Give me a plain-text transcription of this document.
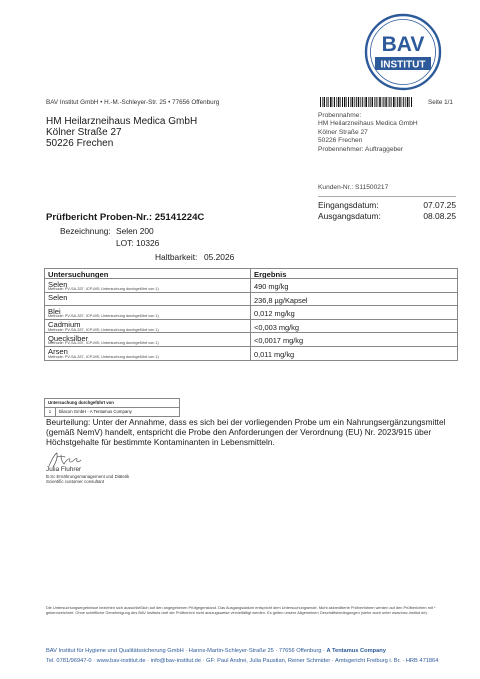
BAV
INSTITUT
BAV Institut GmbH • H.-M.-Schleyer-Str. 25 • 77656 Offenburg	Seite 1/1
HM Heilarzneihaus Medica GmbH
Kölner Straße 27
50226 Frechen
Probennahme:
HM Heilarzneihaus Medica GmbH
Kölner Straße 27
50226 Frechen
Probennehmer: Auftraggeber
Kunden-Nr.: S11500217
Eingangsdatum:	07.07.25
Ausgangsdatum:	08.08.25
Prüfbericht Proben-Nr.: 25141224C
Bezeichnung: Selen 200
LOT: 10326
Haltbarkeit: 05.2026
Untersuchungen	Ergebnis
Selen
Methode: PV-SA-337, ICP-MS; Untersuchung durchgeführt von 1)	490 mg/kg
Selen	236,8 µg/Kapsel
Blei
Methode: PV-SA-337, ICP-MS; Untersuchung durchgeführt von 1)	0,012 mg/kg
Cadmium
Methode: PV-SA-337, ICP-MS; Untersuchung durchgeführt von 1)	<0,003 mg/kg
Quecksilber
Methode: PV-SA-337, ICP-MS; Untersuchung durchgeführt von 1)	<0,0017 mg/kg
Arsen
Methode: PV-SA-337, ICP-MS; Untersuchung durchgeführt von 1)	0,011 mg/kg
Untersuchung durchgeführt von
1	bilacon GmbH - A Tentamus Company
Beurteilung: Unter der Annahme, dass es sich bei der vorliegenden Probe um ein Nahrungsergänzungsmittel (gemäß NemV) handelt, entspricht die Probe den Anforderungen der Verordnung (EU) Nr. 2023/915 über Höchstgehalte für bestimmte Kontaminanten in Lebensmitteln.
Julia Fluhrer
B.Sc Ernährungsmanagement und Diätetik
Scientific customer consultant
Die Untersuchungsergebnisse beziehen sich ausschließlich auf den angegebenen Prüfgegenstand. Das Ausgangsdatum entspricht dem Untersuchungsende. Nicht akkreditierte Prüfverfahren werden auf den Prüfberichten mit * gekennzeichnet. Ohne schriftliche Genehmigung des BAV Instituts darf der Prüfbericht nicht auszugsweise vervielfältigt werden. Es gelten unsere Allgemeinen Geschäftsbedingungen (siehe auch unter www.bav-institut.de).
BAV Institut für Hygiene und Qualitätssicherung GmbH · Hanns-Martin-Schleyer-Straße 25 · 77656 Offenburg · A Tentamus Company
Tel. 0781/96947-0 · www.bav-institut.de · info@bav-institut.de · GF: Paul Andrei, Julia Paustian, Reiner Schmider · Amtsgericht Freiburg i. Br. · HRB 471864
